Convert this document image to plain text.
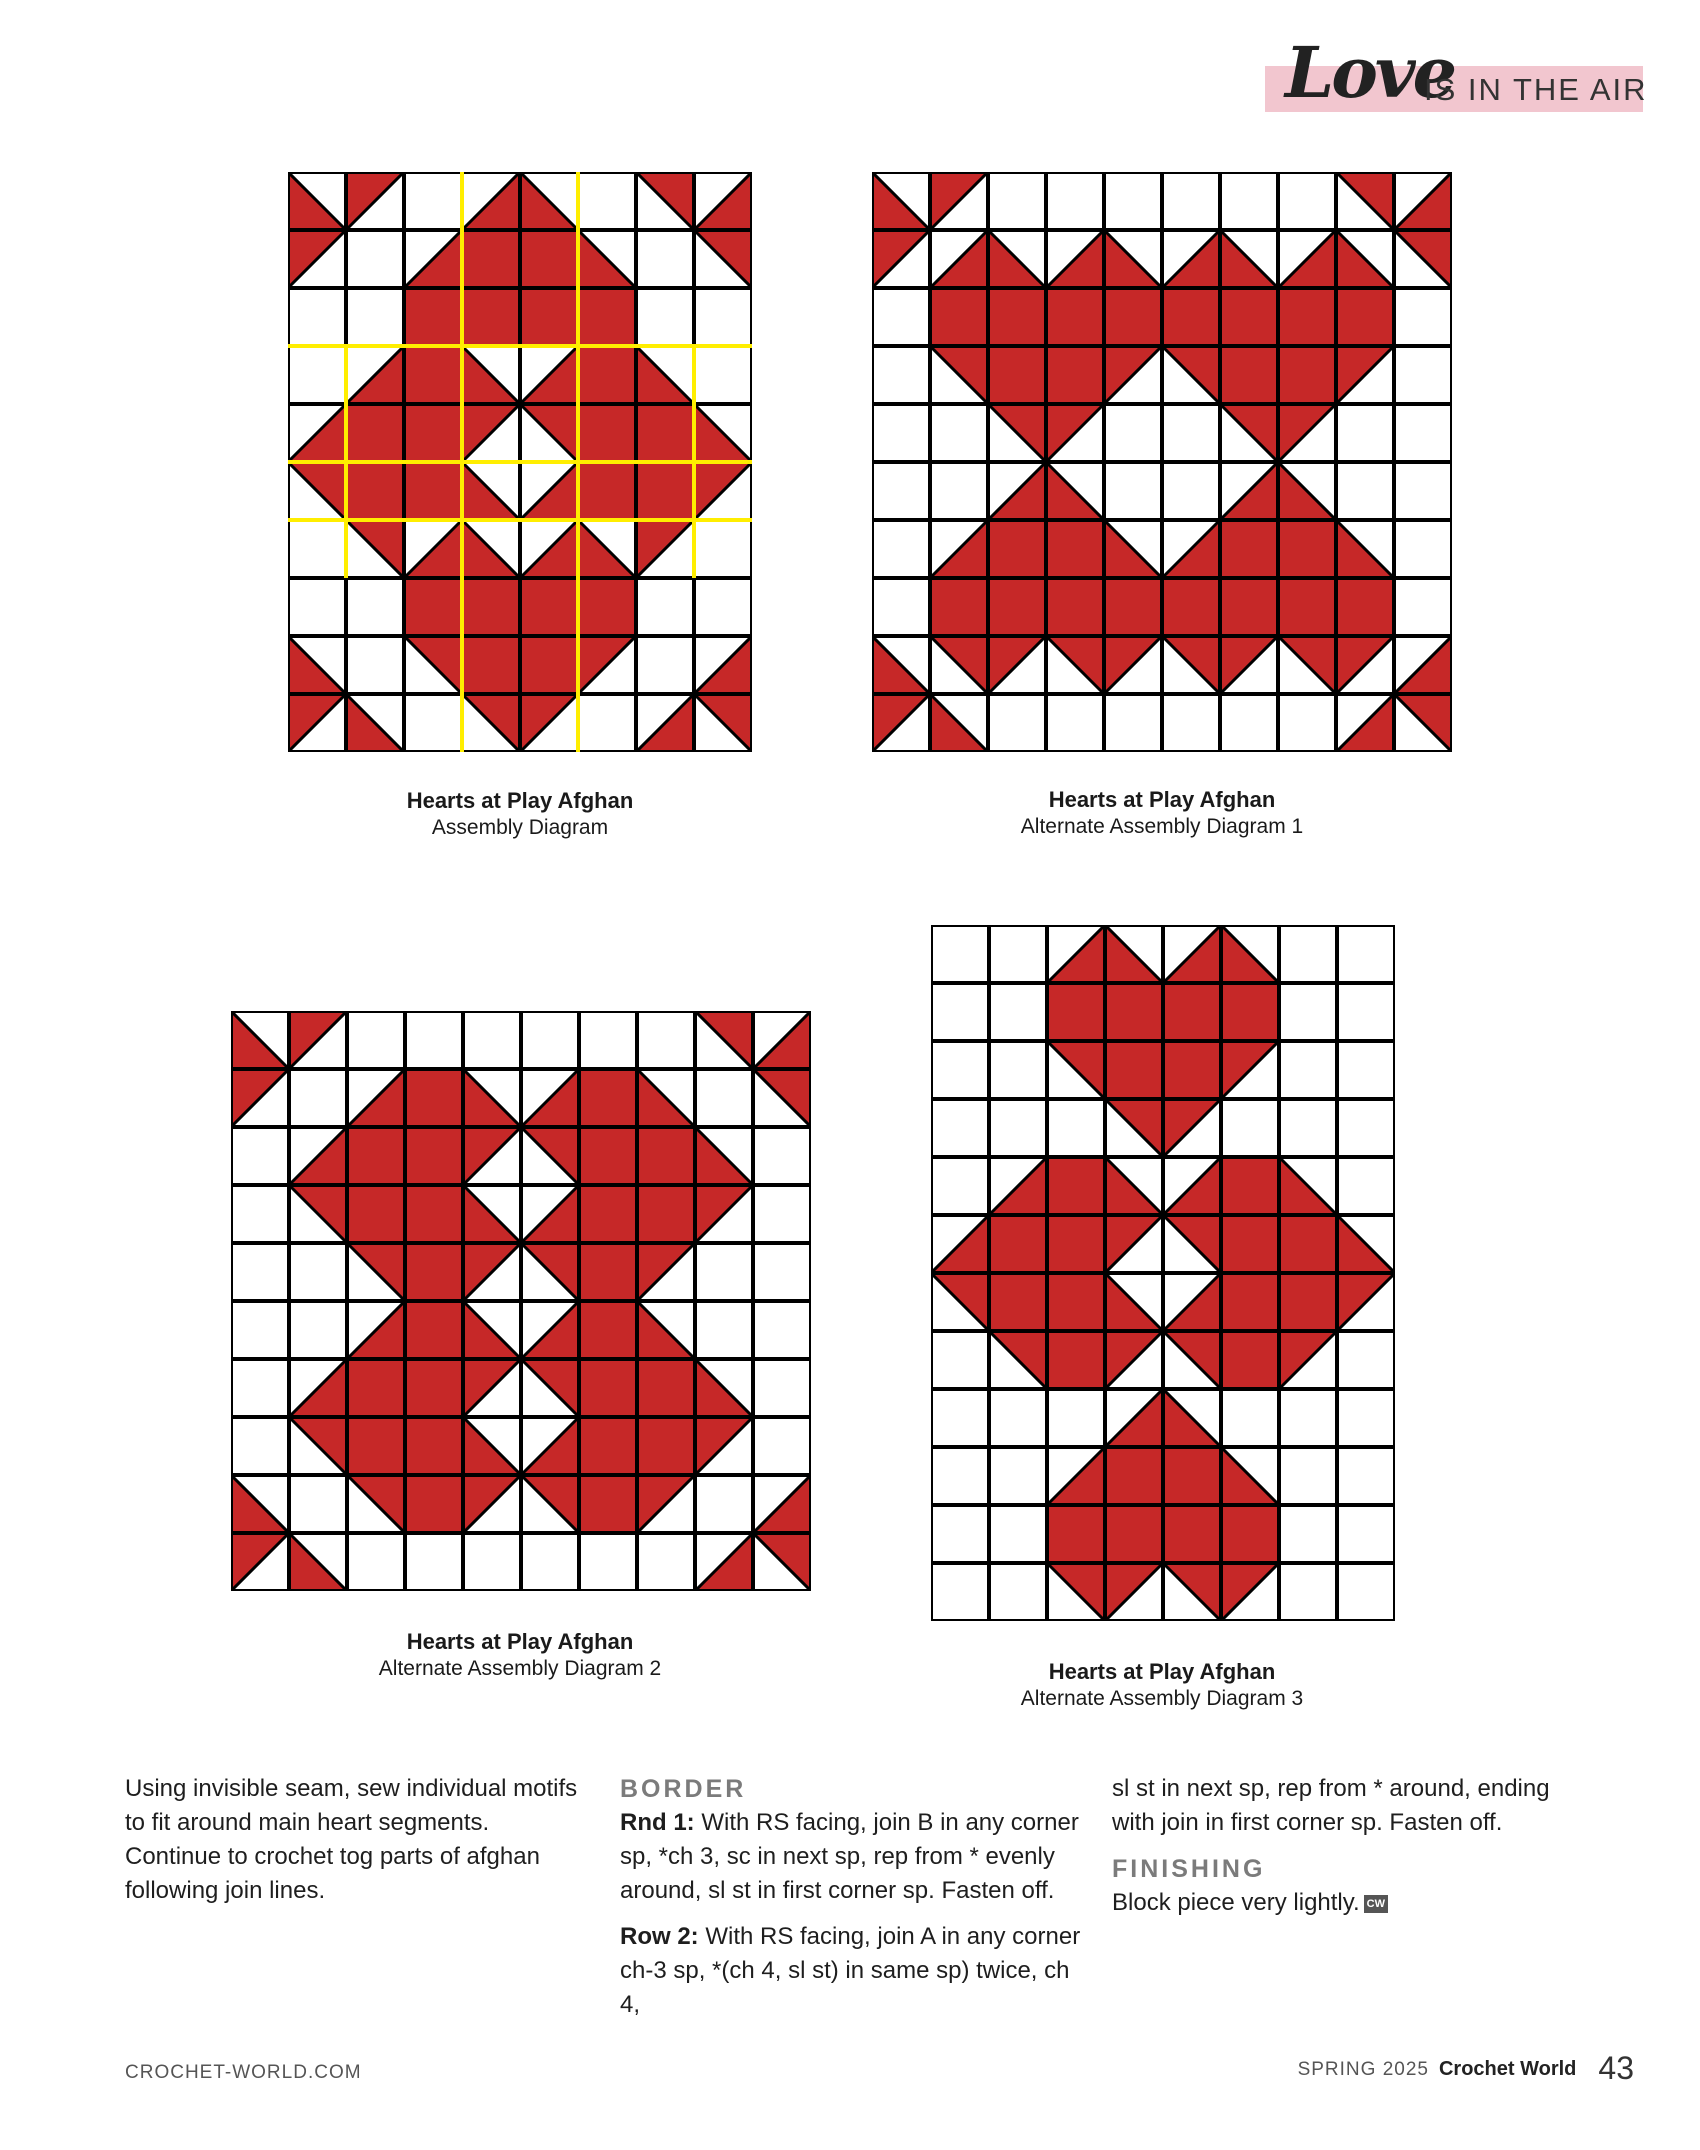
Love
IS IN THE AIR
Hearts at Play Afghan
Assembly Diagram
Hearts at Play Afghan
Alternate Assembly Diagram 1
Hearts at Play Afghan
Alternate Assembly Diagram 2	Hearts at Play Afghan
Alternate Assembly Diagram 3

Using invisible seam, sew individual motifs to fit around main heart segments. Continue to crochet tog parts of afghan following join lines.

BORDER

Rnd 1: With RS facing, join B in any corner sp, *ch 3, sc in next sp, rep from * evenly around, sl st in first corner sp. Fasten off.

Row 2: With RS facing, join A in any corner ch-3 sp, *(ch 4, sl st) in same sp) twice, ch 4,

sl st in next sp, rep from * around, ending with join in first corner sp. Fasten off.

FINISHING

Block piece very lightly. CW

CROCHET-WORLD.COM	SPRING 2025 Crochet World 43
